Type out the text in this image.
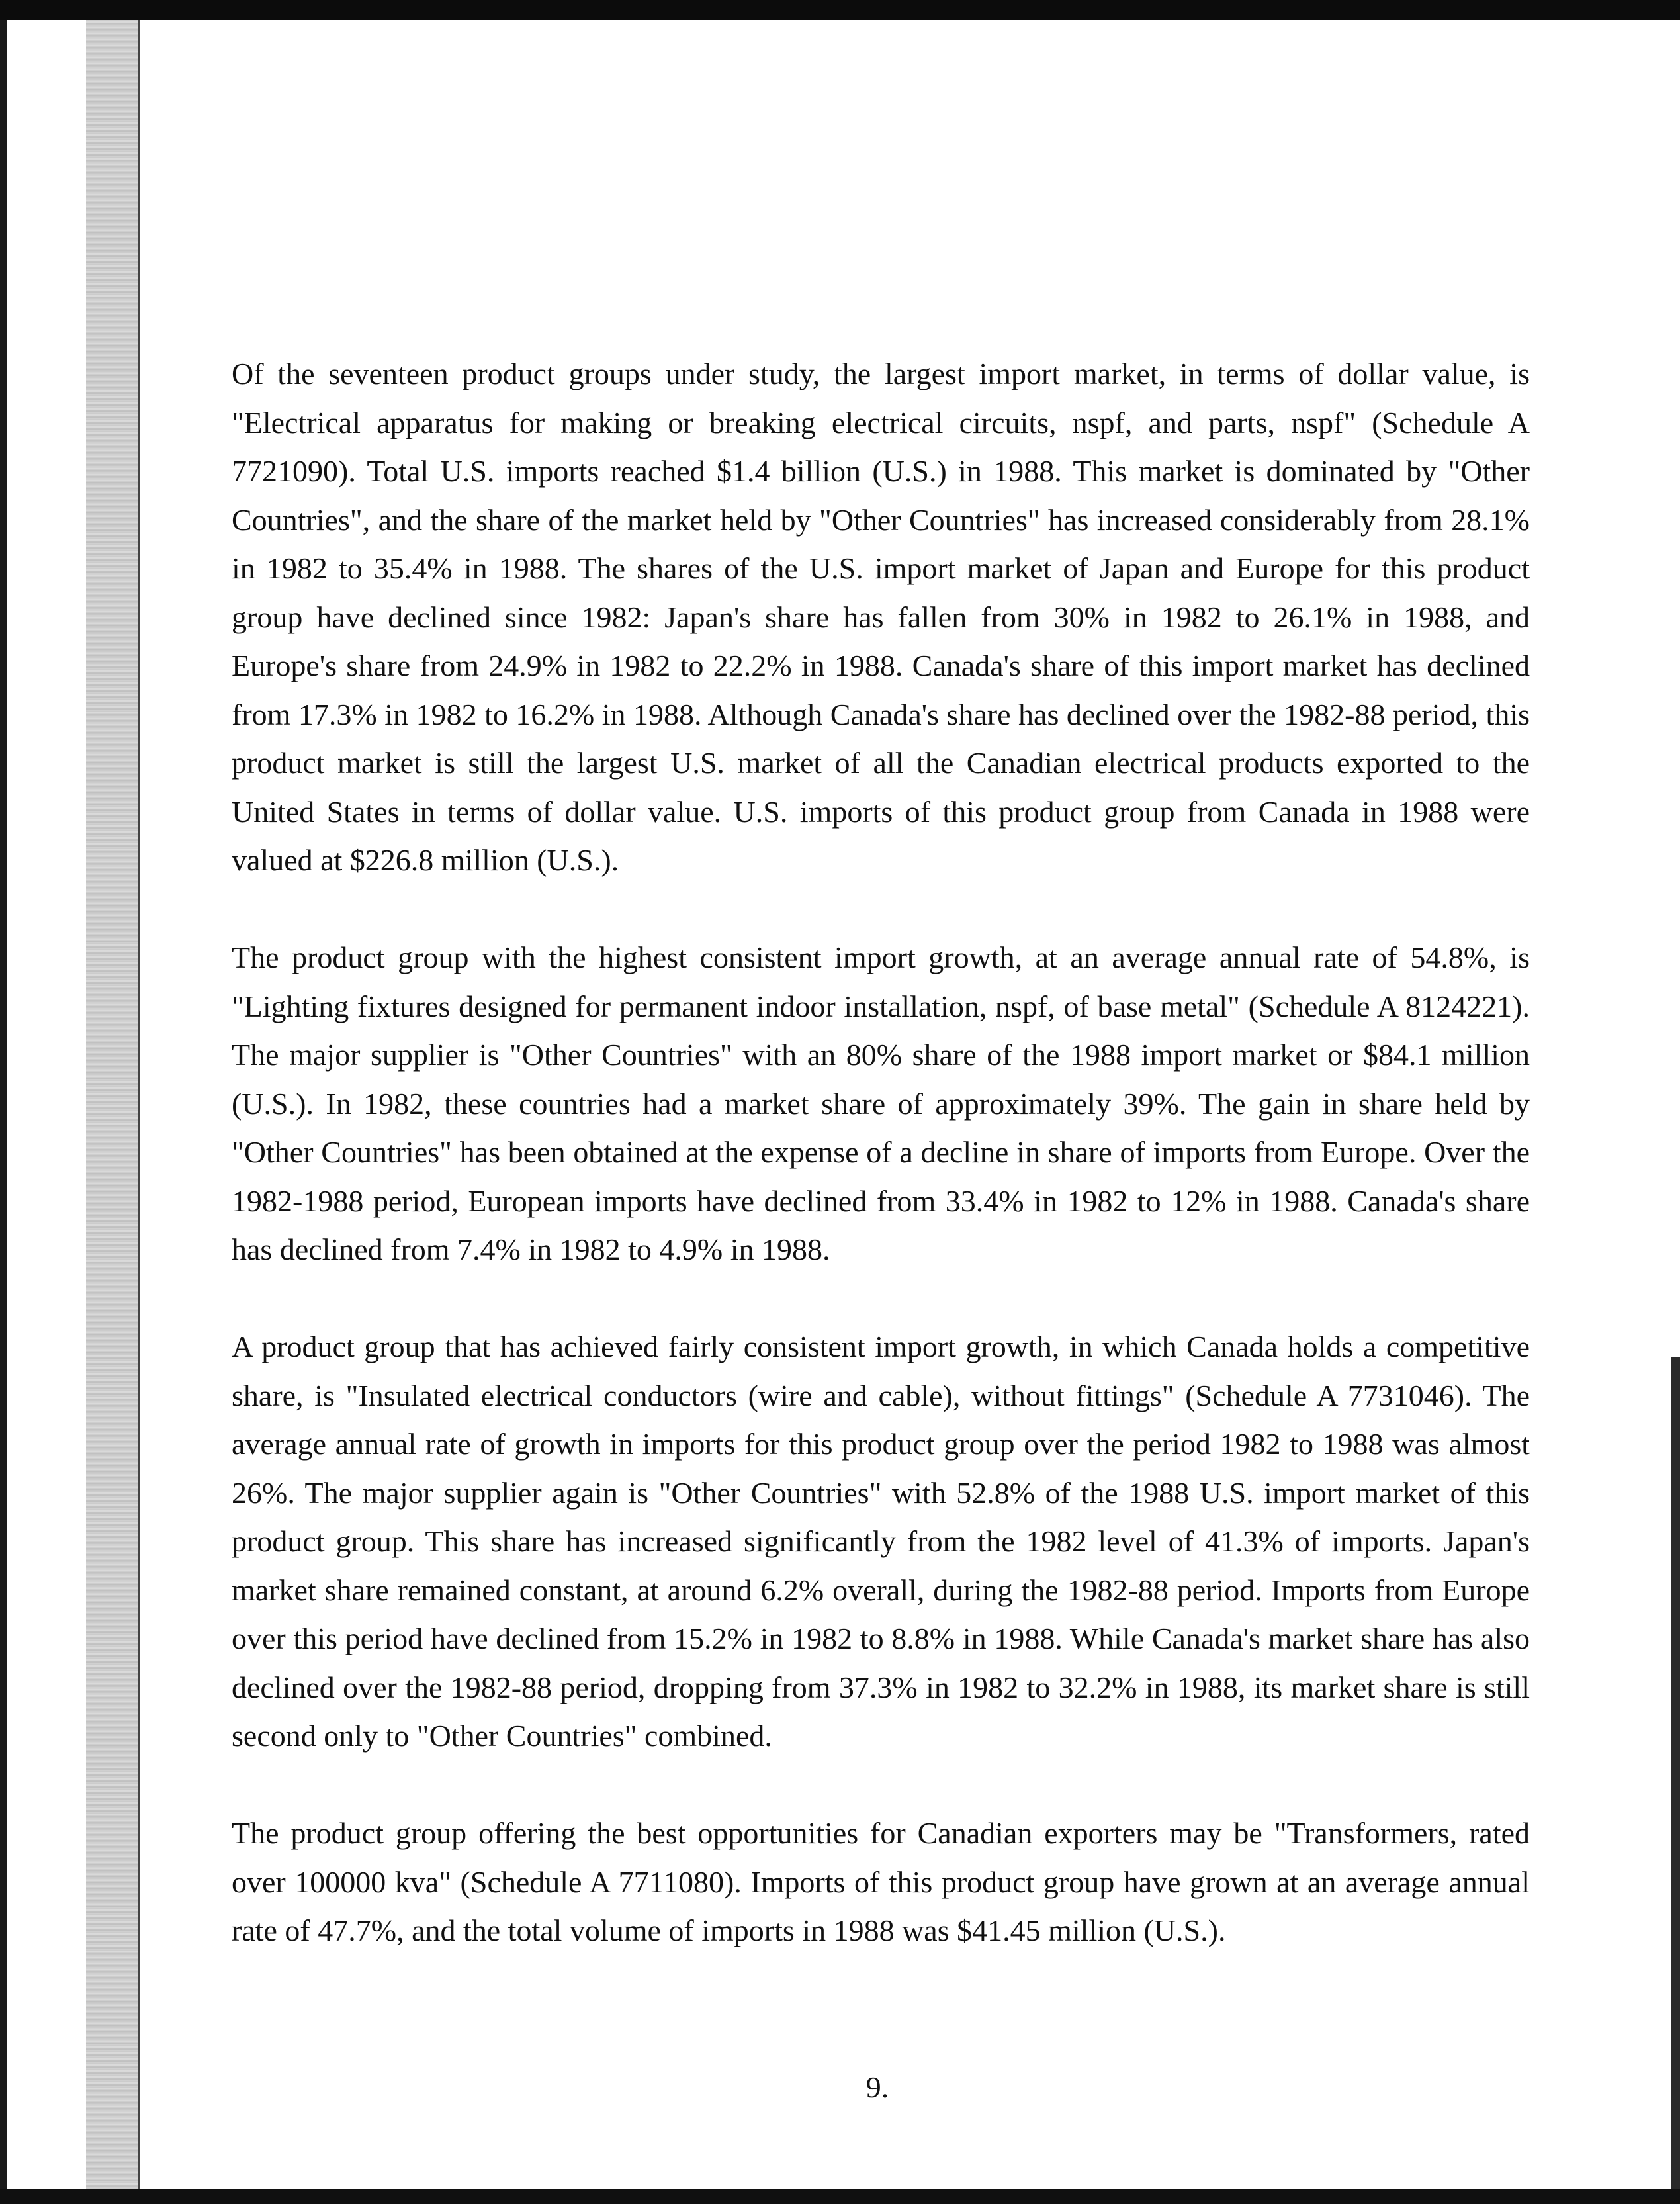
Of the seventeen product groups under study, the largest import market, in terms of dollar value, is "Electrical apparatus for making or breaking electrical circuits, nspf, and parts, nspf" (Schedule A 7721090). Total U.S. imports reached $1.4 billion (U.S.) in 1988. This market is dominated by "Other Countries", and the share of the market held by "Other Countries" has increased considerably from 28.1% in 1982 to 35.4% in 1988. The shares of the U.S. import market of Japan and Europe for this product group have declined since 1982: Japan's share has fallen from 30% in 1982 to 26.1% in 1988, and Europe's share from 24.9% in 1982 to 22.2% in 1988. Canada's share of this import market has declined from 17.3% in 1982 to 16.2% in 1988. Although Canada's share has declined over the 1982-88 period, this product market is still the largest U.S. market of all the Canadian electrical products exported to the United States in terms of dollar value. U.S. imports of this product group from Canada in 1988 were valued at $226.8 million (U.S.).

The product group with the highest consistent import growth, at an average annual rate of 54.8%, is "Lighting fixtures designed for permanent indoor installation, nspf, of base metal" (Schedule A 8124221). The major supplier is "Other Countries" with an 80% share of the 1988 import market or $84.1 million (U.S.). In 1982, these countries had a market share of approximately 39%. The gain in share held by "Other Countries" has been obtained at the expense of a decline in share of imports from Europe. Over the 1982-1988 period, European imports have declined from 33.4% in 1982 to 12% in 1988. Canada's share has declined from 7.4% in 1982 to 4.9% in 1988.

A product group that has achieved fairly consistent import growth, in which Canada holds a competitive share, is "Insulated electrical conductors (wire and cable), without fittings" (Schedule A 7731046). The average annual rate of growth in imports for this product group over the period 1982 to 1988 was almost 26%. The major supplier again is "Other Countries" with 52.8% of the 1988 U.S. import market of this product group. This share has increased significantly from the 1982 level of 41.3% of imports. Japan's market share remained constant, at around 6.2% overall, during the 1982-88 period. Imports from Europe over this period have declined from 15.2% in 1982 to 8.8% in 1988. While Canada's market share has also declined over the 1982-88 period, dropping from 37.3% in 1982 to 32.2% in 1988, its market share is still second only to "Other Countries" combined.

The product group offering the best opportunities for Canadian exporters may be "Transformers, rated over 100000 kva" (Schedule A 7711080). Imports of this product group have grown at an average annual rate of 47.7%, and the total volume of imports in 1988 was $41.45 million (U.S.).

9.
